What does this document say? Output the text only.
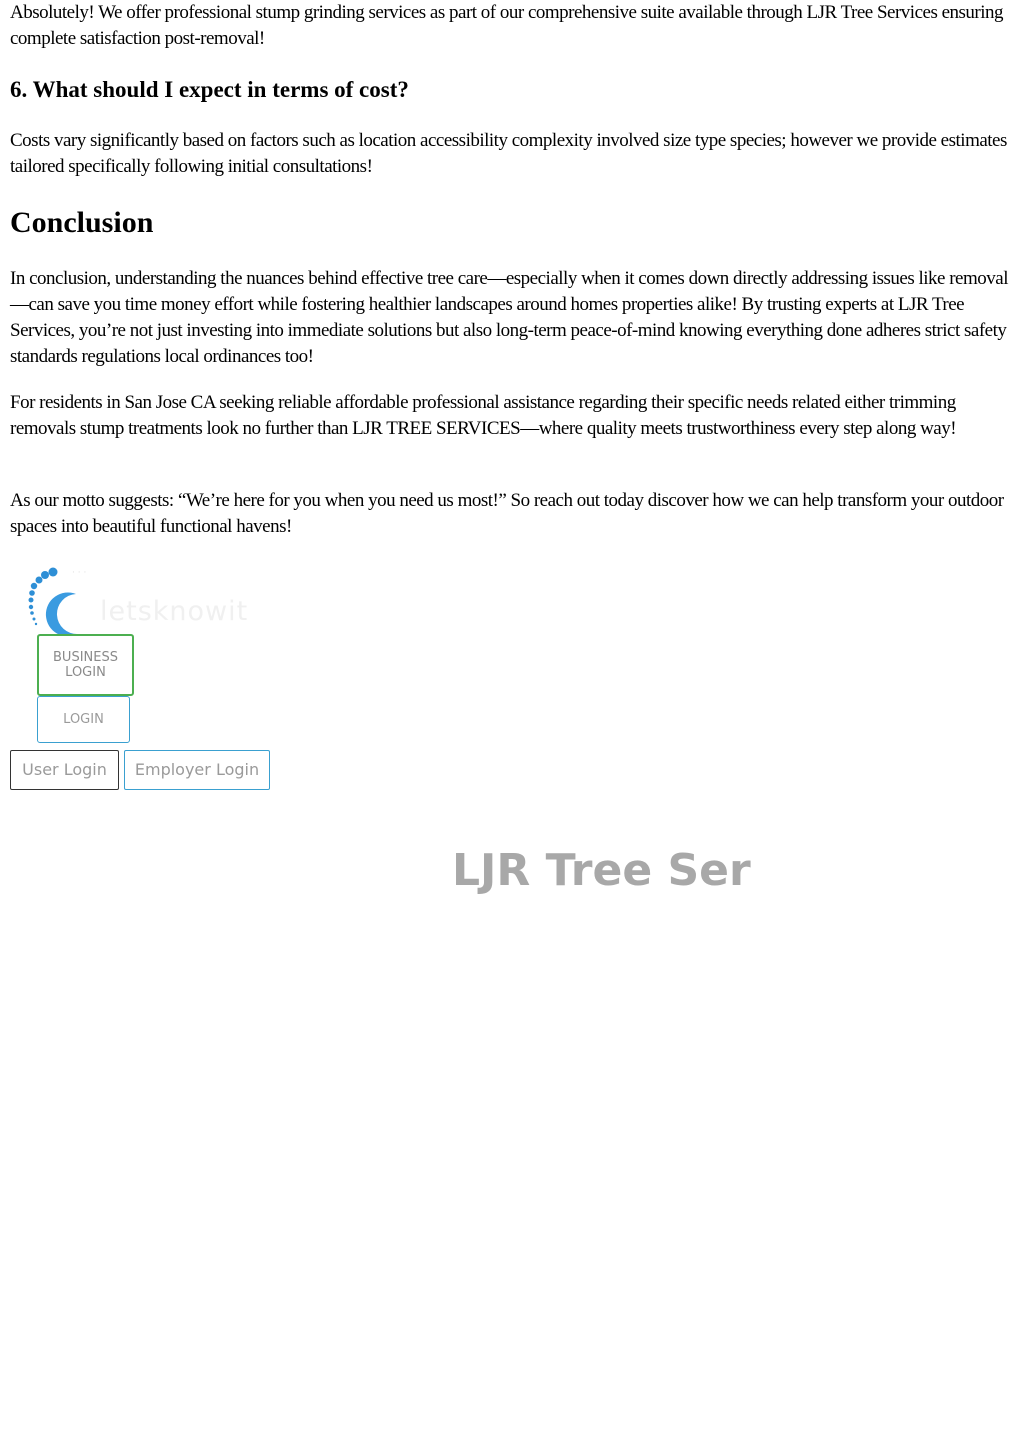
Absolutely! We offer professional stump grinding services as part of our comprehensive suite available through LJR Tree Services ensuring complete satisfaction post-removal!

6. What should I expect in terms of cost?

Costs vary significantly based on factors such as location accessibility complexity involved size type species; however we provide estimates tailored specifically following initial consultations!

Conclusion

In conclusion, understanding the nuances behind effective tree care—especially when it comes down directly addressing issues like removal—can save you time money effort while fostering healthier landscapes around homes properties alike! By trusting experts at LJR Tree Services, you’re not just investing into immediate solutions but also long-term peace-of-mind knowing everything done adheres strict safety standards regulations local ordinances too!

For residents in San Jose CA seeking reliable affordable professional assistance regarding their specific needs related either trimming removals stump treatments look no further than LJR TREE SERVICES—where quality meets trustworthiness every step along way!

As our motto suggests: “We’re here for you when you need us most!” So reach out today discover how we can help transform your outdoor spaces into beautiful functional havens!

· · ·
letsknowit
BUSINESS LOGIN
LOGIN
User Login	Employer Login
LJR Tree Ser
